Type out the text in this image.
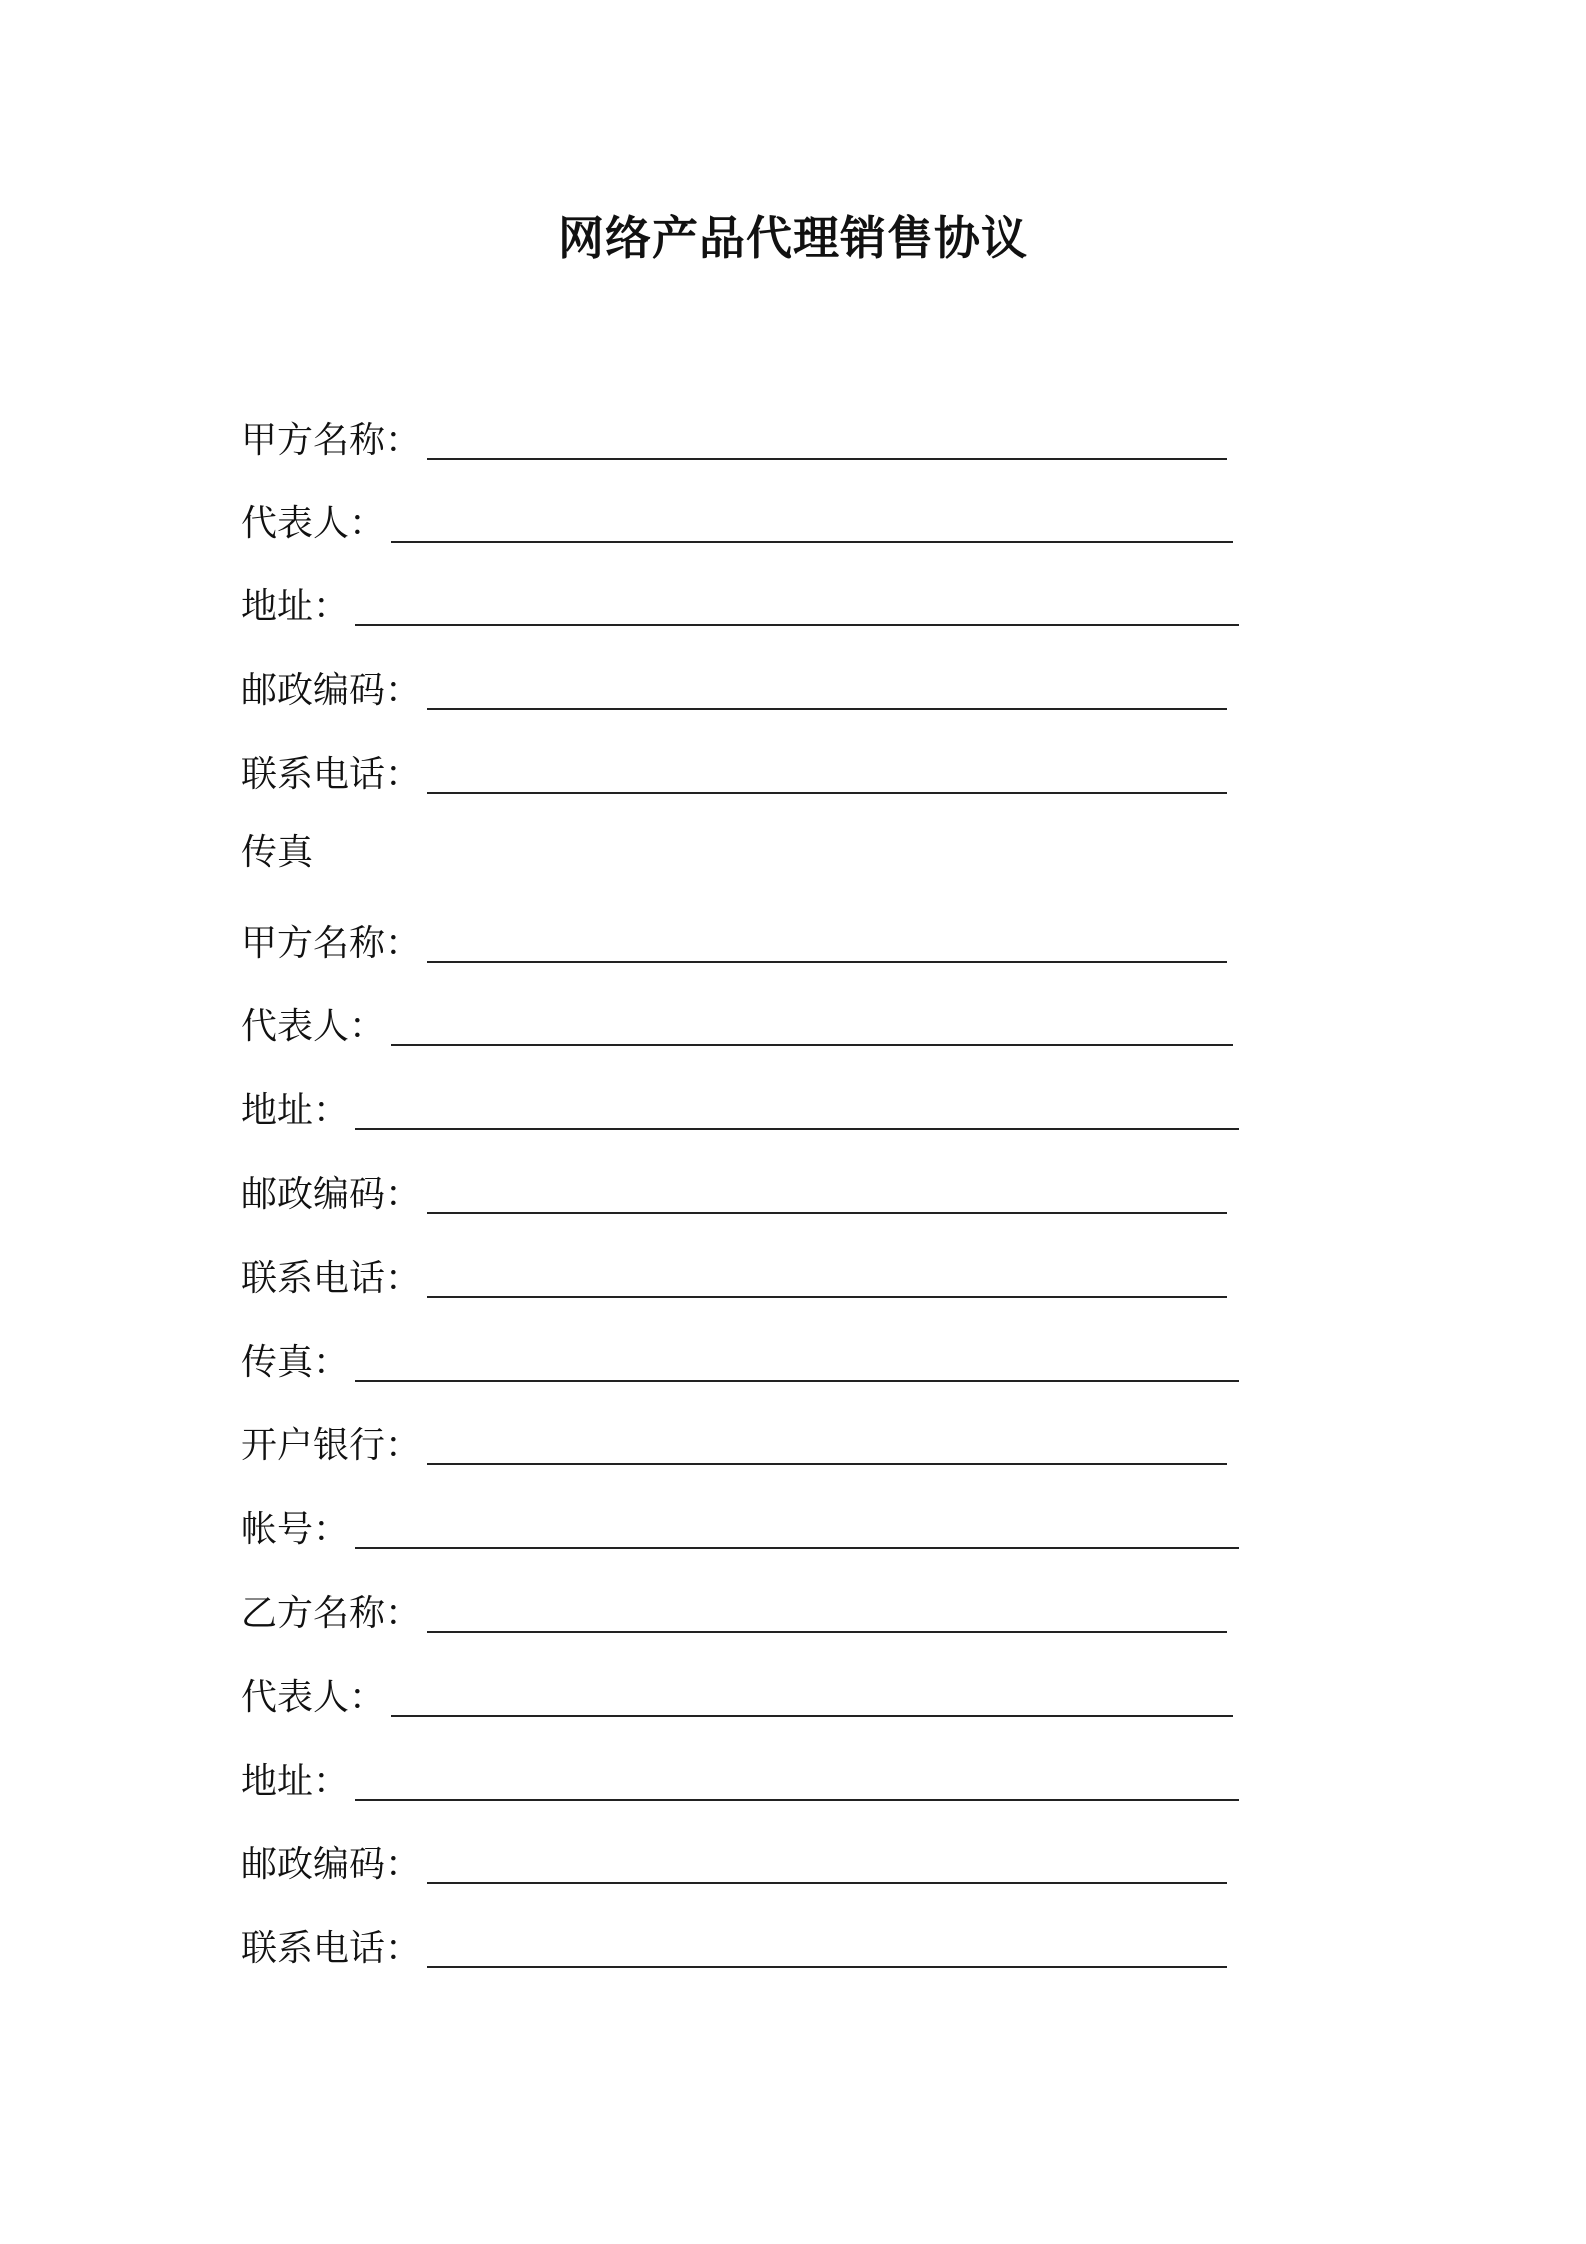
网络产品代理销售协议
甲方名称：
代表人：
地址：
邮政编码：
联系电话：
传真
甲方名称：
代表人：
地址：
邮政编码：
联系电话：
传真：
开户银行：
帐号：
乙方名称：
代表人：
地址：
邮政编码：
联系电话：
